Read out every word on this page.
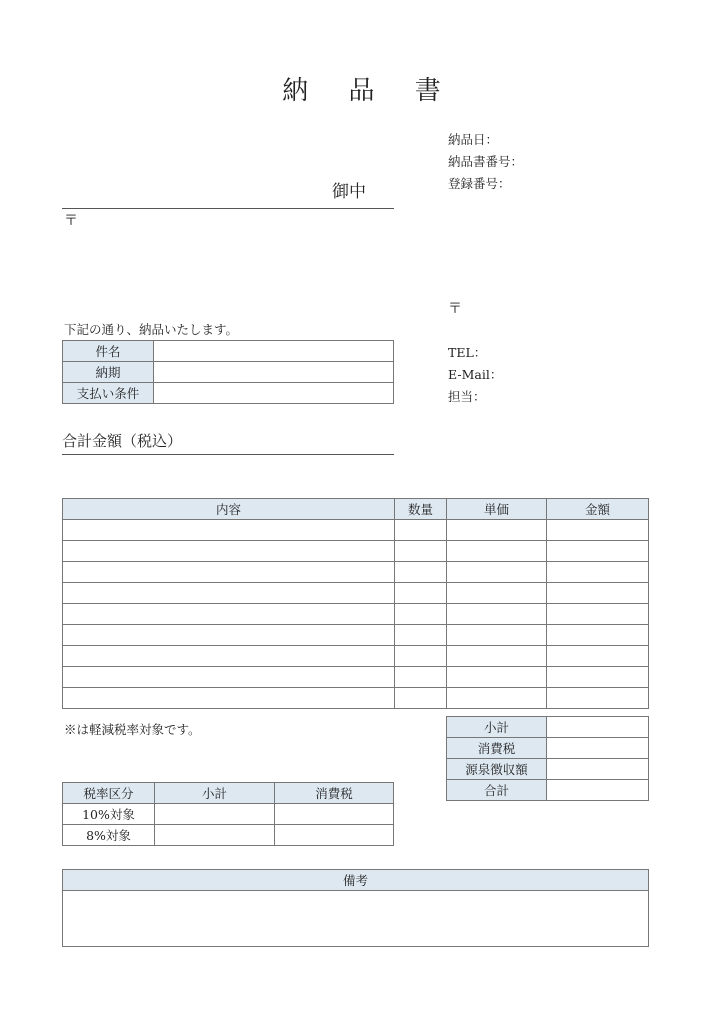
納 品 書
御中
〒
納品日：
納品書番号：
登録番号：
〒
TEL：
E-Mail：
担当：
下記の通り、納品いたします。
件名	
納期	
支払い条件	
合計金額（税込）
内容	数量	単価	金額

※は軽減税率対象です。	小計	
消費税	
源泉徴収額	
合計	
税率区分	小計	消費税
10%対象		
8%対象		
備考
